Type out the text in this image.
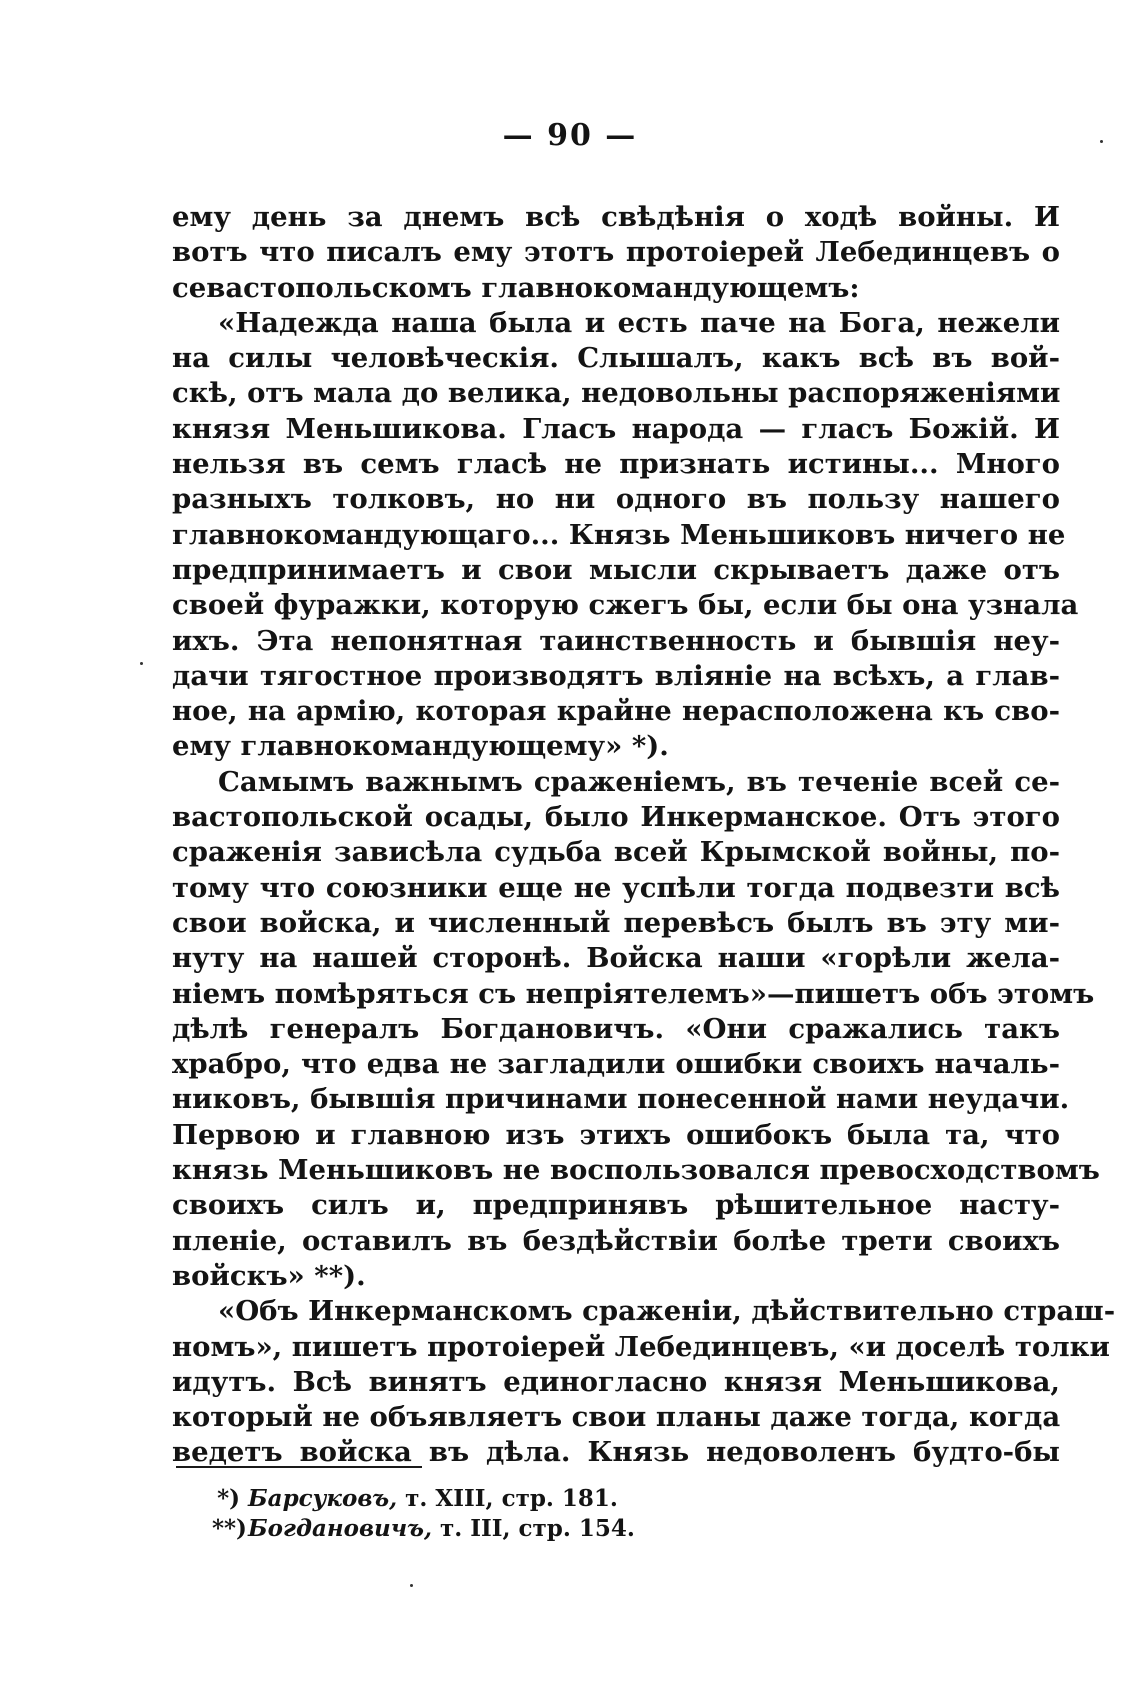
— 90 —
ему день за днемъ всѣ свѣдѣнія о ходѣ войны. И
вотъ что писалъ ему этотъ протоіерей Лебединцевъ о
севастопольскомъ главнокомандующемъ:
«Надежда наша была и есть паче на Бога, нежели
на силы человѣческія. Слышалъ, какъ всѣ въ вой-
скѣ, отъ мала до велика, недовольны распоряженіями
князя Меньшикова. Гласъ народа — гласъ Божій. И
нельзя въ семъ гласѣ не признать истины... Много
разныхъ толковъ, но ни одного въ пользу нашего
главнокомандующаго... Князь Меньшиковъ ничего не
предпринимаетъ и свои мысли скрываетъ даже отъ
своей фуражки, которую сжегъ бы, если бы она узнала
ихъ. Эта непонятная таинственность и бывшія неу-
дачи тягостное производятъ вліяніе на всѣхъ, а глав-
ное, на армію, которая крайне нерасположена къ сво-
ему главнокомандующему» *).
Самымъ важнымъ сраженіемъ, въ теченіе всей се-
вастопольской осады, было Инкерманское. Отъ этого
сраженія зависѣла судьба всей Крымской войны, по-
тому что союзники еще не успѣли тогда подвезти всѣ
свои войска, и численный перевѣсъ былъ въ эту ми-
нуту на нашей сторонѣ. Войска наши «горѣли жела-
ніемъ помѣряться съ непріятелемъ»—пишетъ объ этомъ
дѣлѣ генералъ Богдановичъ. «Они сражались такъ
храбро, что едва не загладили ошибки своихъ началь-
никовъ, бывшія причинами понесенной нами неудачи.
Первою и главною изъ этихъ ошибокъ была та, что
князь Меньшиковъ не воспользовался превосходствомъ
своихъ силъ и, предпринявъ рѣшительное насту-
пленіе, оставилъ въ бездѣйствіи болѣе трети своихъ
войскъ» **).
«Объ Инкерманскомъ сраженіи, дѣйствительно страш-
номъ», пишетъ протоіерей Лебединцевъ, «и доселѣ толки
идутъ. Всѣ винятъ единогласно князя Меньшикова,
который не объявляетъ свои планы даже тогда, когда
ведетъ войска въ дѣла. Князь недоволенъ будто-бы
*) Барсуковъ, т. XIII, стр. 181.
**) Богдановичъ, т. III, стр. 154.
